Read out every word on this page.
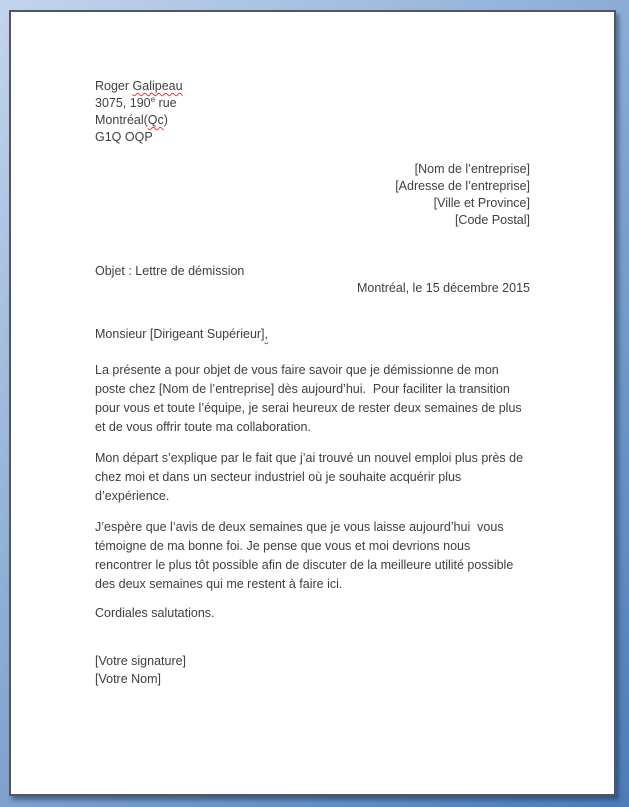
Roger Galipeau
3075, 190e rue
Montréal(Qc)
G1Q OQP
[Nom de l’entreprise]
[Adresse de l’entreprise]
[Ville et Province]
[Code Postal]
Objet : Lettre de démission
Montréal, le 15 décembre 2015
Monsieur [Dirigeant Supérieur],

La présente a pour objet de vous faire savoir que je démissionne de mon poste chez [Nom de l’entreprise] dès aujourd’hui.  Pour faciliter la transition pour vous et toute l’équipe, je serai heureux de rester deux semaines de plus et de vous offrir toute ma collaboration.

Mon départ s’explique par le fait que j’ai trouvé un nouvel emploi plus près de chez moi et dans un secteur industriel où je souhaite acquérir plus d’expérience.

J’espère que l’avis de deux semaines que je vous laisse aujourd’hui  vous témoigne de ma bonne foi. Je pense que vous et moi devrions nous rencontrer le plus tôt possible afin de discuter de la meilleure utilité possible des deux semaines qui me restent à faire ici.

Cordiales salutations.
[Votre signature]
[Votre Nom]
